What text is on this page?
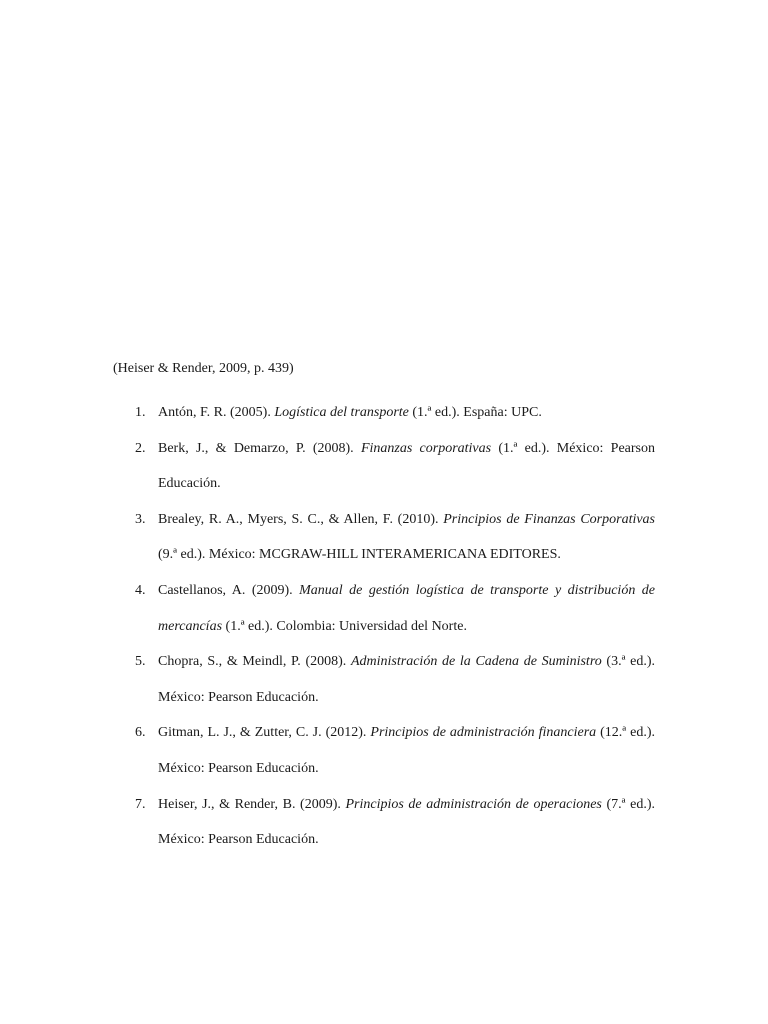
(Heiser & Render, 2009, p. 439)
1. Antón, F. R. (2005). Logística del transporte (1.ª ed.). España: UPC.
2. Berk, J., & Demarzo, P. (2008). Finanzas corporativas (1.ª ed.). México: Pearson Educación.
3. Brealey, R. A., Myers, S. C., & Allen, F. (2010). Principios de Finanzas Corporativas (9.ª ed.). México: MCGRAW-HILL INTERAMERICANA EDITORES.
4. Castellanos, A. (2009). Manual de gestión logística de transporte y distribución de mercancías (1.ª ed.). Colombia: Universidad del Norte.
5. Chopra, S., & Meindl, P. (2008). Administración de la Cadena de Suministro (3.ª ed.). México: Pearson Educación.
6. Gitman, L. J., & Zutter, C. J. (2012). Principios de administración financiera (12.ª ed.). México: Pearson Educación.
7. Heiser, J., & Render, B. (2009). Principios de administración de operaciones (7.ª ed.). México: Pearson Educación.
